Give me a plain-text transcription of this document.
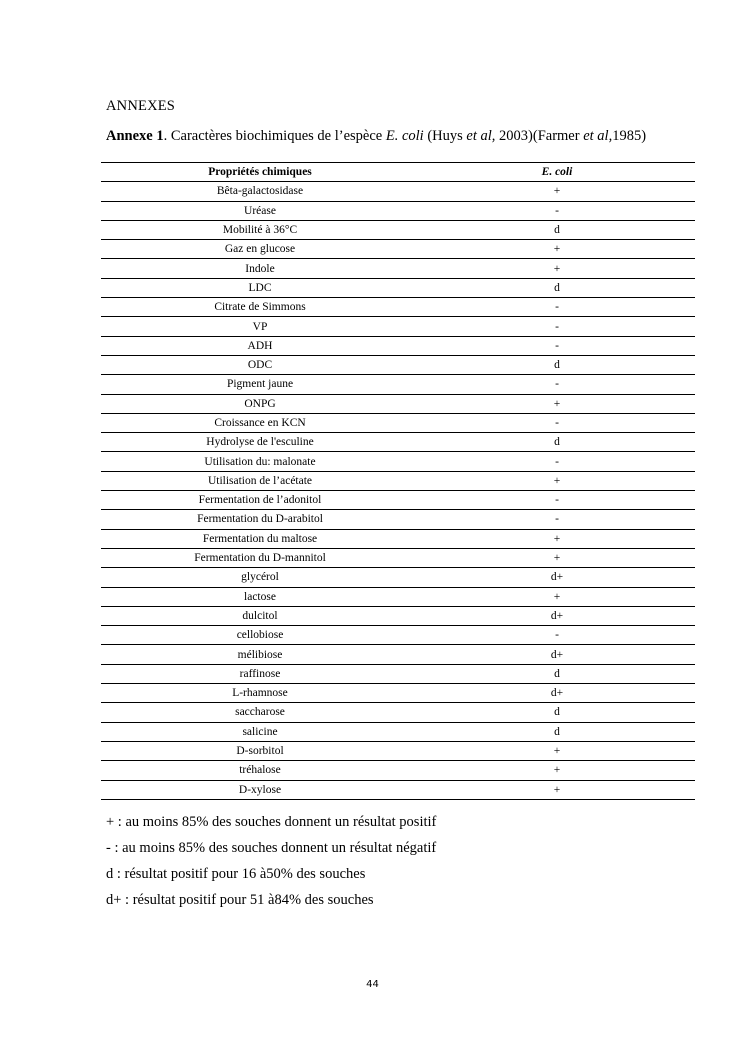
ANNEXES
Annexe 1. Caractères biochimiques de l’espèce E. coli (Huys et al, 2003)(Farmer et al,1985)
Propriétés chimiques	E. coli
Bêta-galactosidase	+
Uréase	-
Mobilité à 36°C	d
Gaz en glucose	+
Indole	+
LDC	d
Citrate de Simmons	-
VP	-
ADH	-
ODC	d
Pigment jaune	-
ONPG	+
Croissance en KCN	-
Hydrolyse de l'esculine	d
Utilisation du: malonate	-
Utilisation de l’acétate	+
Fermentation de l’adonitol	-
Fermentation du D-arabitol	-
Fermentation du maltose	+
Fermentation du D-mannitol	+
glycérol	d+
lactose	+
dulcitol	d+
cellobiose	-
mélibiose	d+
raffinose	d
L-rhamnose	d+
saccharose	d
salicine	d
D-sorbitol	+
tréhalose	+
D-xylose	+
+ : au moins 85% des souches donnent un résultat positif
- : au moins 85% des souches donnent un résultat négatif
d : résultat positif pour 16 à50% des souches
d+ : résultat positif pour 51 à84% des souches
44
